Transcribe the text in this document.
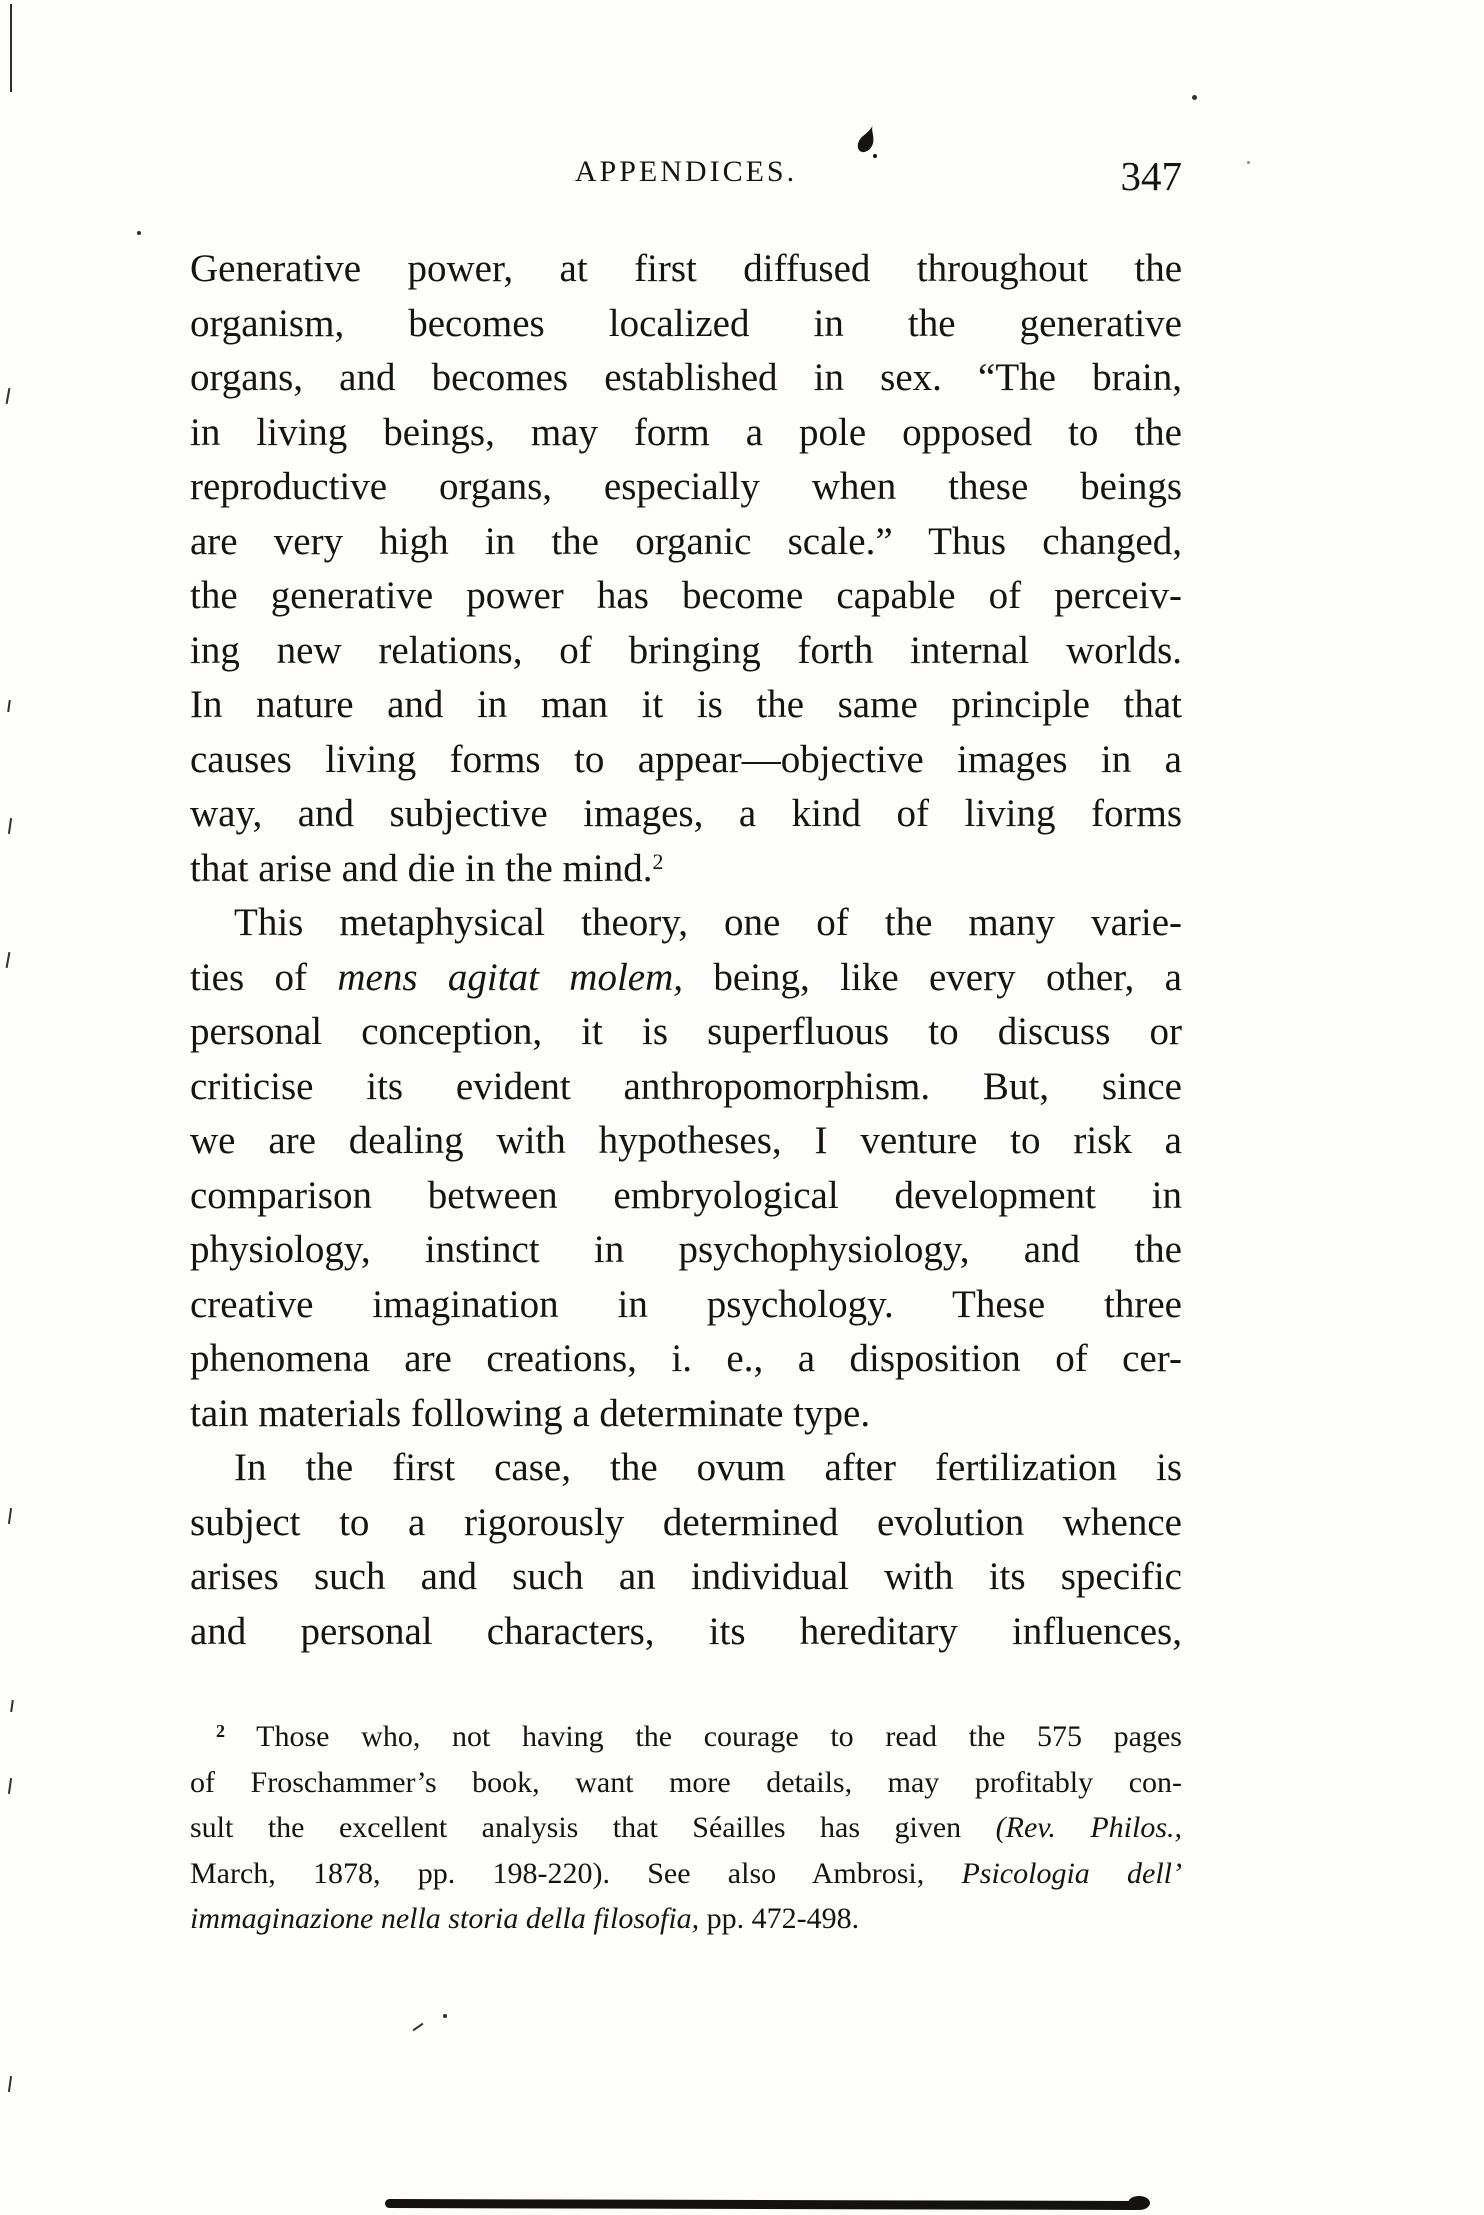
APPENDICES.	347
Generative power, at first diffused throughout the
organism, becomes localized in the generative
organs, and becomes established in sex. “The brain,
in living beings, may form a pole opposed to the
reproductive organs, especially when these beings
are very high in the organic scale.” Thus changed,
the generative power has become capable of perceiv-
ing new relations, of bringing forth internal worlds.
In nature and in man it is the same principle that
causes living forms to appear—objective images in a
way, and subjective images, a kind of living forms
that arise and die in the mind.$^2$
This metaphysical theory, one of the many varie-
ties of mens agitat molem, being, like every other, a
personal conception, it is superfluous to discuss or
criticise its evident anthropomorphism. But, since
we are dealing with hypotheses, I venture to risk a
comparison between embryological development in
physiology, instinct in psychophysiology, and the
creative imagination in psychology. These three
phenomena are creations, i. e., a disposition of cer-
tain materials following a determinate type.
In the first case, the ovum after fertilization is
subject to a rigorously determined evolution whence
arises such and such an individual with its specific
and personal characters, its hereditary influences,
$^2$ Those who, not having the courage to read the 575 pages
of Froschammer’s book, want more details, may profitably con-
sult the excellent analysis that Séailles has given (Rev. Philos.,
March, 1878, pp. 198-220). See also Ambrosi, Psicologia dell’
immaginazione nella storia della filosofia, pp. 472-498.
